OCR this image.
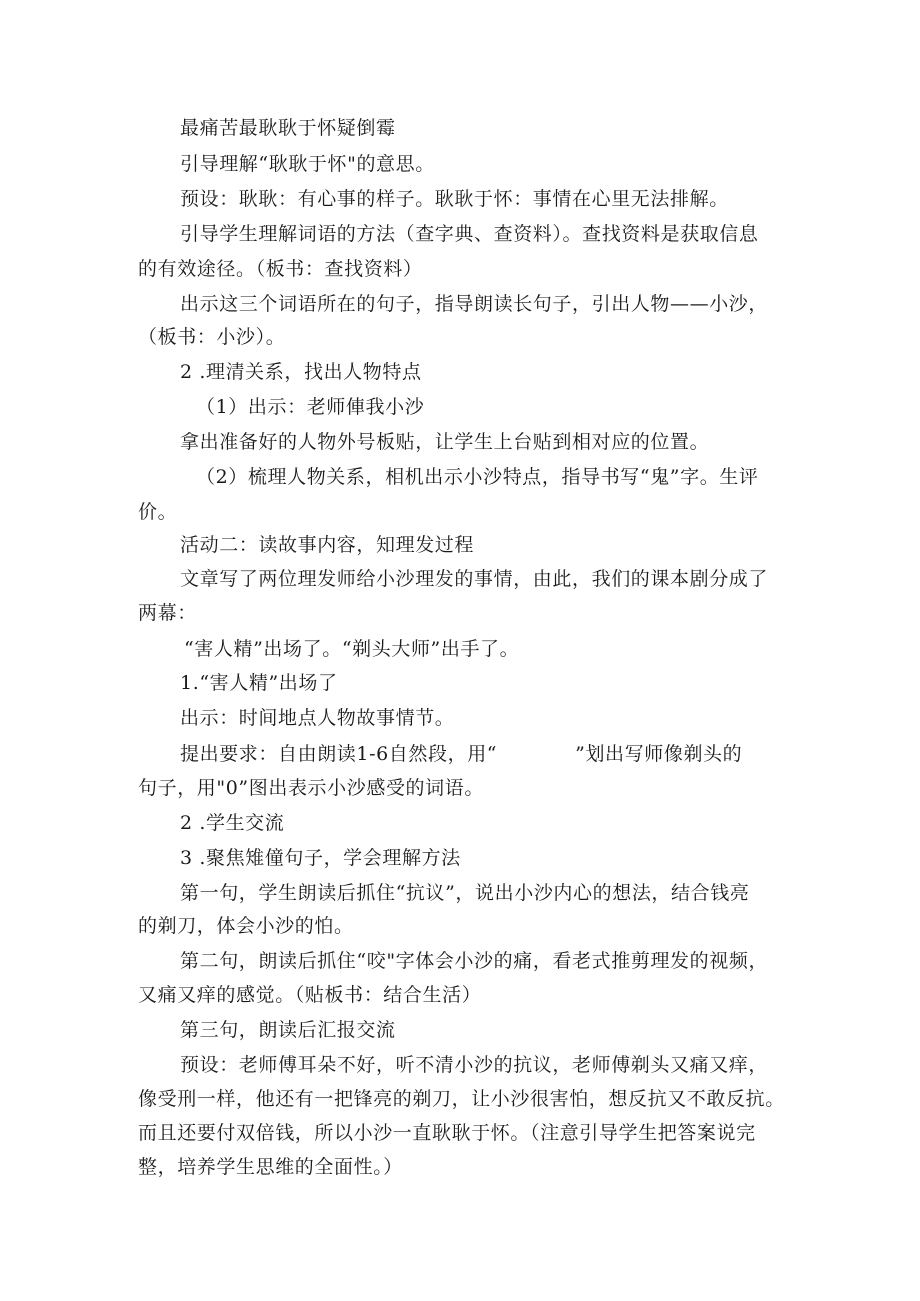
最痛苦最耿耿于怀疑倒霉
引导理解“耿耿于怀"的意思。
预设：耿耿：有心事的样子。耿耿于怀：事情在心里无法排解。
引导学生理解词语的方法（查字典、查资料）。查找资料是获取信息
的有效途径。（板书：查找资料）
出示这三个词语所在的句子，指导朗读长句子，引出人物——小沙，
（板书：小沙）。
2 .理清关系，找出人物特点
（1）出示：老师俥我小沙
拿出准备好的人物外号板贴，让学生上台贴到相对应的位置。
（2）梳理人物关系，相机出示小沙特点，指导书写“鬼”字。生评
价。
活动二：读故事内容，知理发过程
文章写了两位理发师给小沙理发的事情，由此，我们的课本剧分成了
两幕：
“害人精”出场了。“剃头大师”出手了。
1.“害人精”出场了
出示：时间地点人物故事情节。
提出要求：自由朗读1-6自然段，用“	”划出写师像剃头的
句子，用"0”图出表示小沙感受的词语。
2 .学生交流
3 .聚焦雉僮句子，学会理解方法
第一句，学生朗读后抓住“抗议”，说出小沙内心的想法，结合钱亮
的剃刀，体会小沙的怕。
第二句，朗读后抓住“咬"字体会小沙的痛，看老式推剪理发的视频，
又痛又痒的感觉。（贴板书：结合生活）
第三句，朗读后汇报交流
预设：老师傅耳朵不好，听不清小沙的抗议，老师傅剃头又痛又痒，
像受刑一样，他还有一把锋亮的剃刀，让小沙很害怕，想反抗又不敢反抗。
而且还要付双倍钱，所以小沙一直耿耿于怀。（注意引导学生把答案说完
整，培养学生思维的全面性。）
